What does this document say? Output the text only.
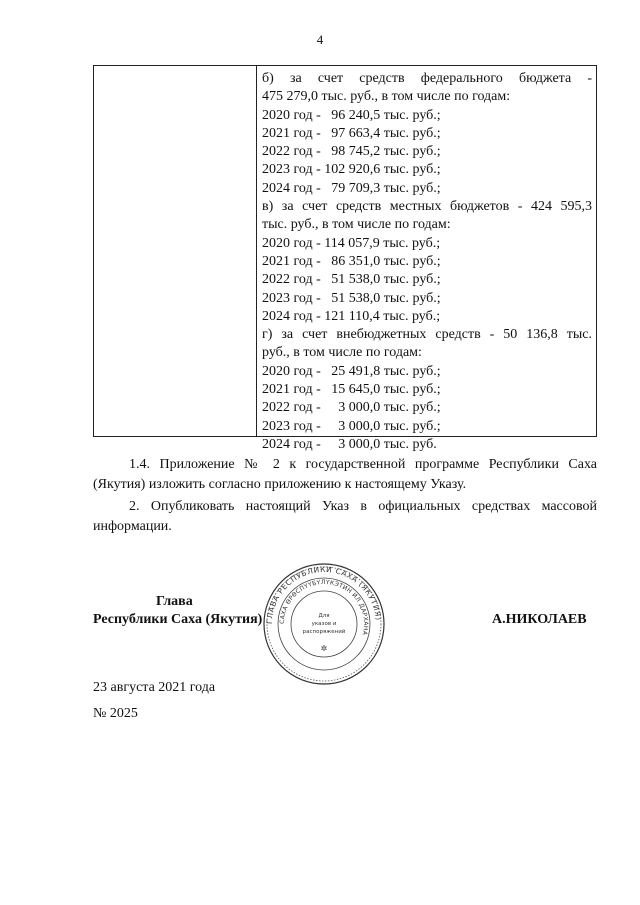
4
б) за счет средств федерального бюджета -
475 279,0 тыс. руб., в том числе по годам:
2020 год -   96 240,5 тыс. руб.;
2021 год -   97 663,4 тыс. руб.;
2022 год -   98 745,2 тыс. руб.;
2023 год - 102 920,6 тыс. руб.;
2024 год -   79 709,3 тыс. руб.;
в) за счет средств местных бюджетов - 424 595,3
тыс. руб., в том числе по годам:
2020 год - 114 057,9 тыс. руб.;
2021 год -   86 351,0 тыс. руб.;
2022 год -   51 538,0 тыс. руб.;
2023 год -   51 538,0 тыс. руб.;
2024 год - 121 110,4 тыс. руб.;
г) за счет внебюджетных средств - 50 136,8 тыс.
руб., в том числе по годам:
2020 год -   25 491,8 тыс. руб.;
2021 год -   15 645,0 тыс. руб.;
2022 год -     3 000,0 тыс. руб.;
2023 год -     3 000,0 тыс. руб.;
2024 год -     3 000,0 тыс. руб.
1.4. Приложение № 2 к государственной программе Республики Саха (Якутия) изложить согласно приложению к настоящему Указу.
2. Опубликовать настоящий Указ в официальных средствах массовой информации.
Глава
Республики Саха (Якутия)	А.НИКОЛАЕВ
ГЛАВА РЕСПУБЛИКИ САХА (ЯКУТИЯ)
САХА ӨРӨСПҮҮБҮЛҮКЭТИН ИЛ ДАРХАНА
Для
указов и
распоряжений
✲
23 августа 2021 года
№ 2025
